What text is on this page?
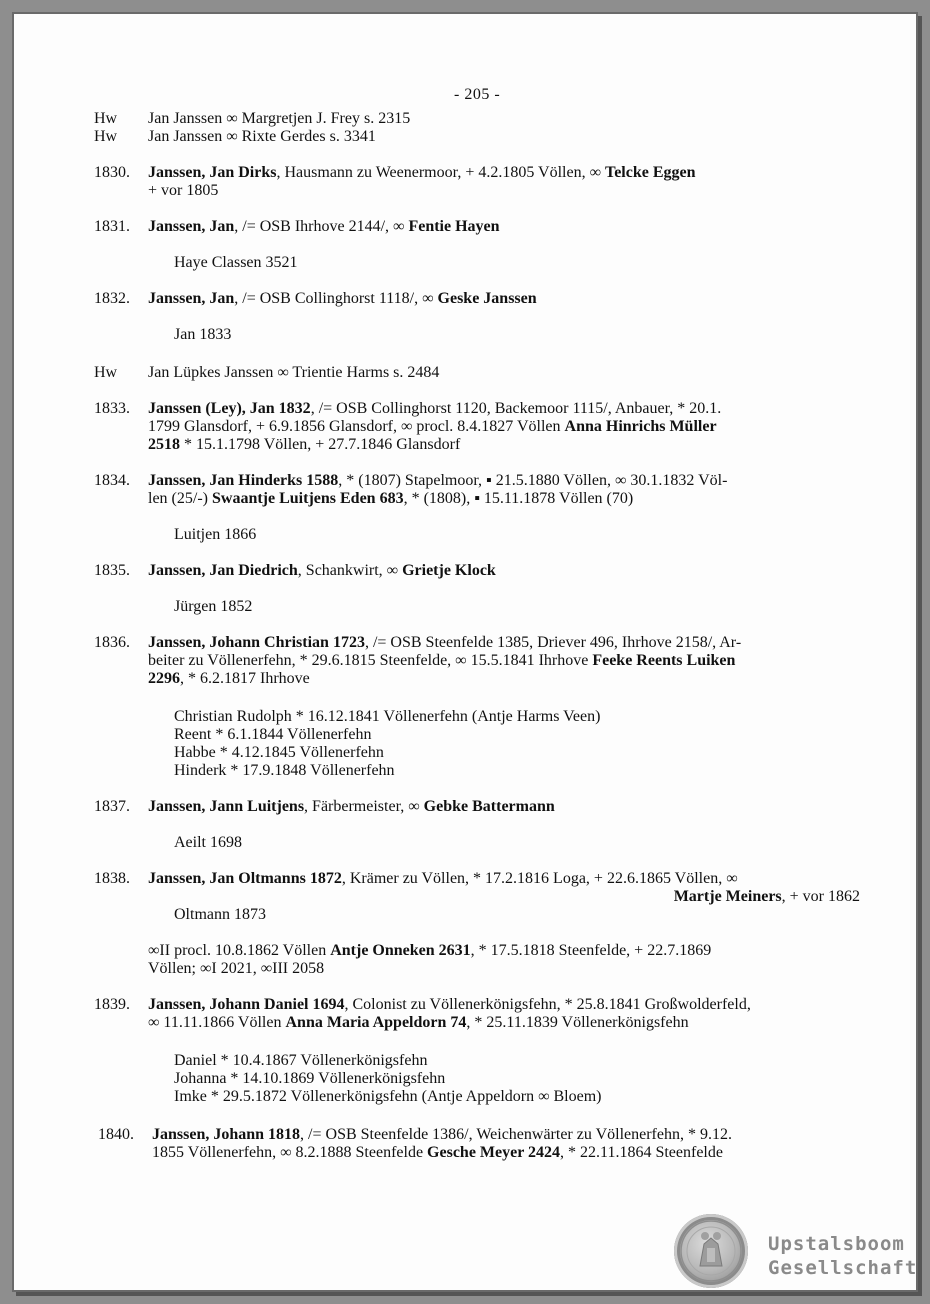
- 205 -
Hw	Jan Janssen ∞ Margretjen J. Frey s. 2315
Hw	Jan Janssen ∞ Rixte Gerdes s. 3341
1830.	Janssen, Jan Dirks, Hausmann zu Weenermoor, + 4.2.1805 Völlen, ∞ Telcke Eggen
+ vor 1805
1831.	Janssen, Jan, /= OSB Ihrhove 2144/, ∞ Fentie Hayen
Haye Classen 3521
1832.	Janssen, Jan, /= OSB Collinghorst 1118/, ∞ Geske Janssen
Jan 1833
Hw	Jan Lüpkes Janssen ∞ Trientie Harms s. 2484
1833.	Janssen (Ley), Jan 1832, /= OSB Collinghorst 1120, Backemoor 1115/, Anbauer, * 20.1.
1799 Glansdorf, + 6.9.1856 Glansdorf, ∞ procl. 8.4.1827 Völlen Anna Hinrichs Müller
2518 * 15.1.1798 Völlen, + 27.7.1846 Glansdorf
1834.	Janssen, Jan Hinderks 1588, * (1807) Stapelmoor, ▪ 21.5.1880 Völlen, ∞ 30.1.1832 Völ-
len (25/-) Swaantje Luitjens Eden 683, * (1808), ▪ 15.11.1878 Völlen (70)
Luitjen 1866
1835.	Janssen, Jan Diedrich, Schankwirt, ∞ Grietje Klock
Jürgen 1852
1836.	Janssen, Johann Christian 1723, /= OSB Steenfelde 1385, Driever 496, Ihrhove 2158/, Ar-
beiter zu Völlenerfehn, * 29.6.1815 Steenfelde, ∞ 15.5.1841 Ihrhove Feeke Reents Luiken
2296, * 6.2.1817 Ihrhove
Christian Rudolph * 16.12.1841 Völlenerfehn (Antje Harms Veen)
Reent * 6.1.1844 Völlenerfehn
Habbe * 4.12.1845 Völlenerfehn
Hinderk * 17.9.1848 Völlenerfehn
1837.	Janssen, Jann Luitjens, Färbermeister, ∞ Gebke Battermann
Aeilt 1698
1838.	Janssen, Jan Oltmanns 1872, Krämer zu Völlen, * 17.2.1816 Loga, + 22.6.1865 Völlen, ∞
Martje Meiners, + vor 1862
Oltmann 1873
∞II procl. 10.8.1862 Völlen Antje Onneken 2631, * 17.5.1818 Steenfelde, + 22.7.1869
Völlen; ∞I 2021, ∞III 2058
1839.	Janssen, Johann Daniel 1694, Colonist zu Völlenerkönigsfehn, * 25.8.1841 Großwolderfeld,
∞ 11.11.1866 Völlen Anna Maria Appeldorn 74, * 25.11.1839 Völlenerkönigsfehn
Daniel * 10.4.1867 Völlenerkönigsfehn
Johanna * 14.10.1869 Völlenerkönigsfehn
Imke * 29.5.1872 Völlenerkönigsfehn (Antje Appeldorn ∞ Bloem)
1840.	Janssen, Johann 1818, /= OSB Steenfelde 1386/, Weichenwärter zu Völlenerfehn, * 9.12.
1855 Völlenerfehn, ∞ 8.2.1888 Steenfelde Gesche Meyer 2424, * 22.11.1864 Steenfelde
Upstalsboom
Gesellschaft
